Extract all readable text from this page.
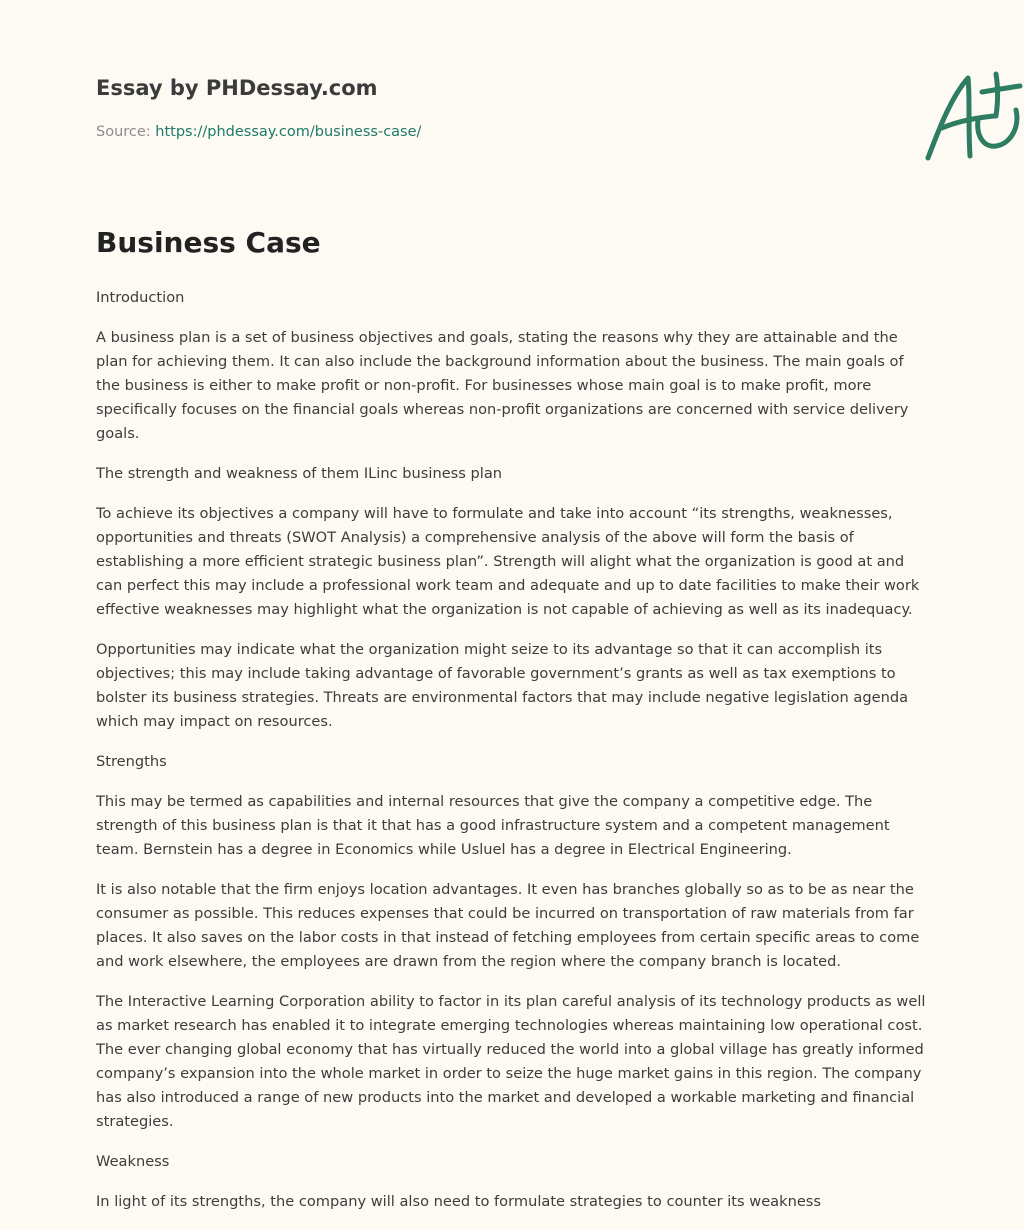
Essay by PHDessay.com
Source: https://phdessay.com/business-case/
Business Case

Introduction

A business plan is a set of business objectives and goals, stating the reasons why they are attainable and the plan for achieving them. It can also include the background information about the business. The main goals of the business is either to make profit or non-profit. For businesses whose main goal is to make profit, more specifically focuses on the financial goals whereas non-profit organizations are concerned with service delivery goals.

The strength and weakness of them ILinc business plan

To achieve its objectives a company will have to formulate and take into account “its strengths, weaknesses, opportunities and threats (SWOT Analysis) a comprehensive analysis of the above will form the basis of establishing a more efficient strategic business plan”. Strength will alight what the organization is good at and can perfect this may include a professional work team and adequate and up to date facilities to make their work effective weaknesses may highlight what the organization is not capable of achieving as well as its inadequacy.

Opportunities may indicate what the organization might seize to its advantage so that it can accomplish its objectives; this may include taking advantage of favorable government’s grants as well as tax exemptions to bolster its business strategies. Threats are environmental factors that may include negative legislation agenda which may impact on resources.

Strengths

This may be termed as capabilities and internal resources that give the company a competitive edge. The strength of this business plan is that it that has a good infrastructure system and a competent management team. Bernstein has a degree in Economics while Usluel has a degree in Electrical Engineering.

It is also notable that the firm enjoys location advantages. It even has branches globally so as to be as near the consumer as possible. This reduces expenses that could be incurred on transportation of raw materials from far places. It also saves on the labor costs in that instead of fetching employees from certain specific areas to come and work elsewhere, the employees are drawn from the region where the company branch is located.

The Interactive Learning Corporation ability to factor in its plan careful analysis of its technology products as well as market research has enabled it to integrate emerging technologies whereas maintaining low operational cost. The ever changing global economy that has virtually reduced the world into a global village has greatly informed company’s expansion into the whole market in order to seize the huge market gains in this region. The company has also introduced a range of new products into the market and developed a workable marketing and financial strategies.

Weakness

In light of its strengths, the company will also need to formulate strategies to counter its weakness
